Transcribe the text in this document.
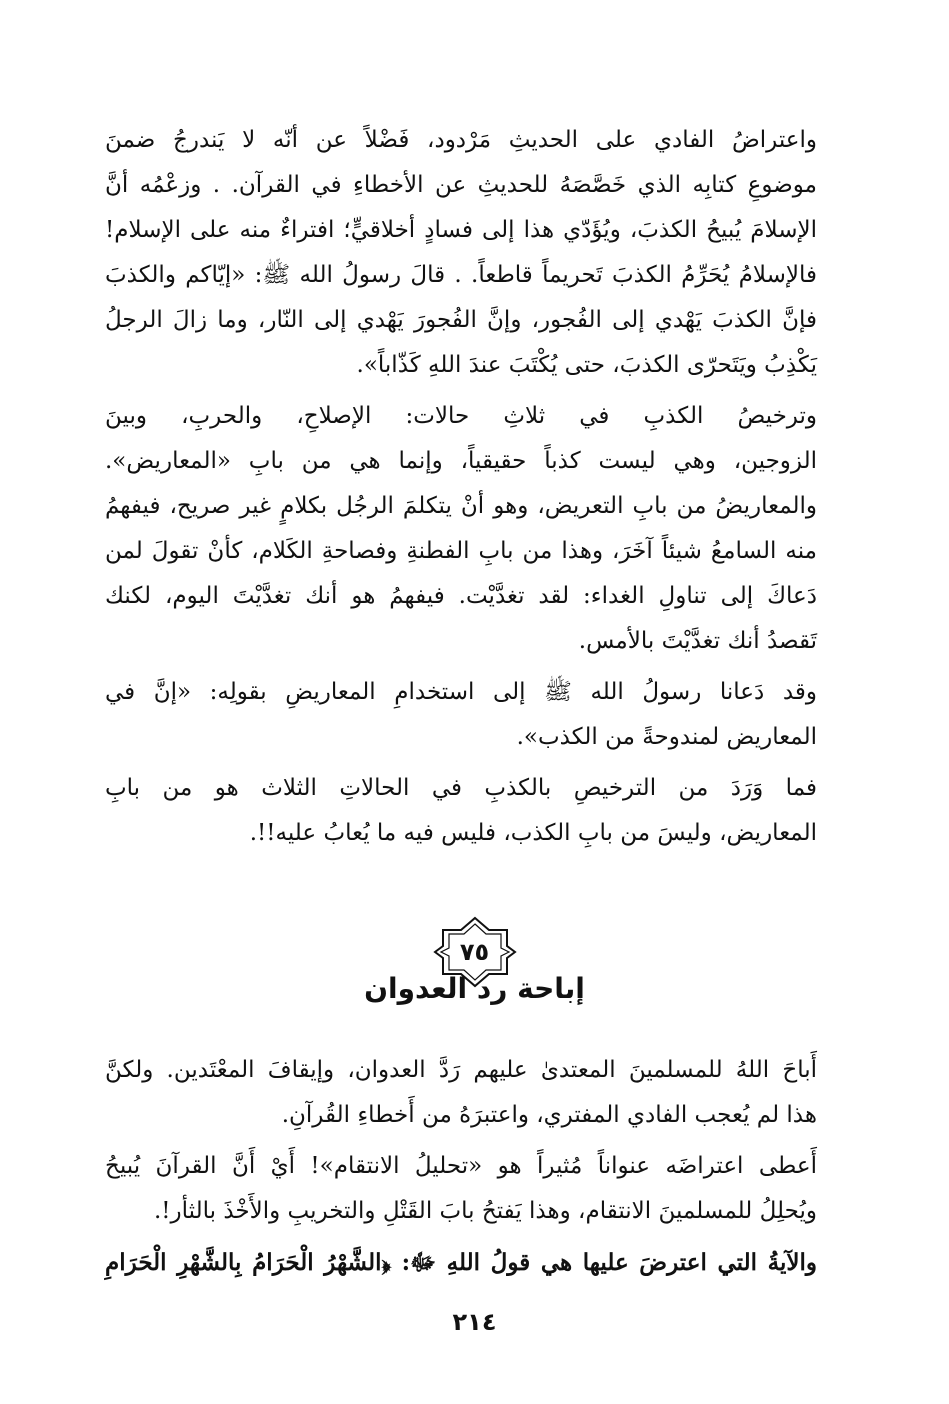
واعتراضُ الفادي على الحديثِ مَرْدود، فَضْلاً عن أنّه لا يَندرجُ ضمنَ
موضوعِ كتابِه الذي خَصَّصَهُ للحديثِ عن الأخطاءِ في القرآن. . وزعْمُه أنَّ
الإسلامَ يُبيحُ الكذبَ، ويُؤَدّي هذا إلى فسادٍ أخلاقيٍّ؛ افتراءٌ منه على الإسلام!
فالإسلامُ يُحَرِّمُ الكذبَ تَحريماً قاطعاً. . قالَ رسولُ الله ﷺ: «إيّاكم والكذبَ
فإنَّ الكذبَ يَهْدي إلى الفُجور، وإنَّ الفُجورَ يَهْدي إلى النّار، وما زالَ الرجلُ
يَكْذِبُ ويَتَحرّى الكذبَ، حتى يُكْتَبَ عندَ اللهِ كَذّاباً».
وترخيصُ الكذبِ في ثلاثِ حالات: الإصلاحِ، والحربِ، وبينَ
الزوجين، وهي ليست كذباً حقيقياً، وإنما هي من بابِ «المعاريض».
والمعاريضُ من بابِ التعريض، وهو أنْ يتكلمَ الرجُل بكلامٍ غير صريح، فيفهمُ
منه السامعُ شيئاً آخَرَ، وهذا من بابِ الفطنةِ وفصاحةِ الكَلام، كأنْ تقولَ لمن
دَعاكَ إلى تناولِ الغداء: لقد تغدَّيْت. فيفهمُ هو أنك تغدَّيْتَ اليوم، لكنك
تَقصدُ أنك تغدَّيْتَ بالأمس.
وقد دَعانا رسولُ الله ﷺ إلى استخدامِ المعاريضِ بقولِه: «إنَّ في
المعاريض لمندوحةً من الكذب».
فما وَرَدَ من الترخيصِ بالكذبِ في الحالاتِ الثلاث هو من بابِ
المعاريض، وليسَ من بابِ الكذب، فليس فيه ما يُعابُ عليه!!.
٧٥
إباحة رد العدوان
أَباحَ اللهُ للمسلمينَ المعتدىٰ عليهم رَدَّ العدوان، وإيقافَ المعْتَدين. ولكنَّ
هذا لم يُعجب الفادي المفتري، واعتبرَهُ من أَخطاءِ القُرآنِ.
أَعطى اعتراضَه عنواناً مُثيراً هو «تحليلُ الانتقام»! أَيْ أَنَّ القرآنَ يُبيحُ
ويُحلِلُ للمسلمينَ الانتقام، وهذا يَفتحُ بابَ القَتْلِ والتخريبِ والأَخْذَ بالثأر!.
والآيةُ التي اعترضَ عليها هي قولُ اللهِ ﷻ: ﴿الشَّهْرُ الْحَرَامُ بِالشَّهْرِ الْحَرَامِ
٢١٤
